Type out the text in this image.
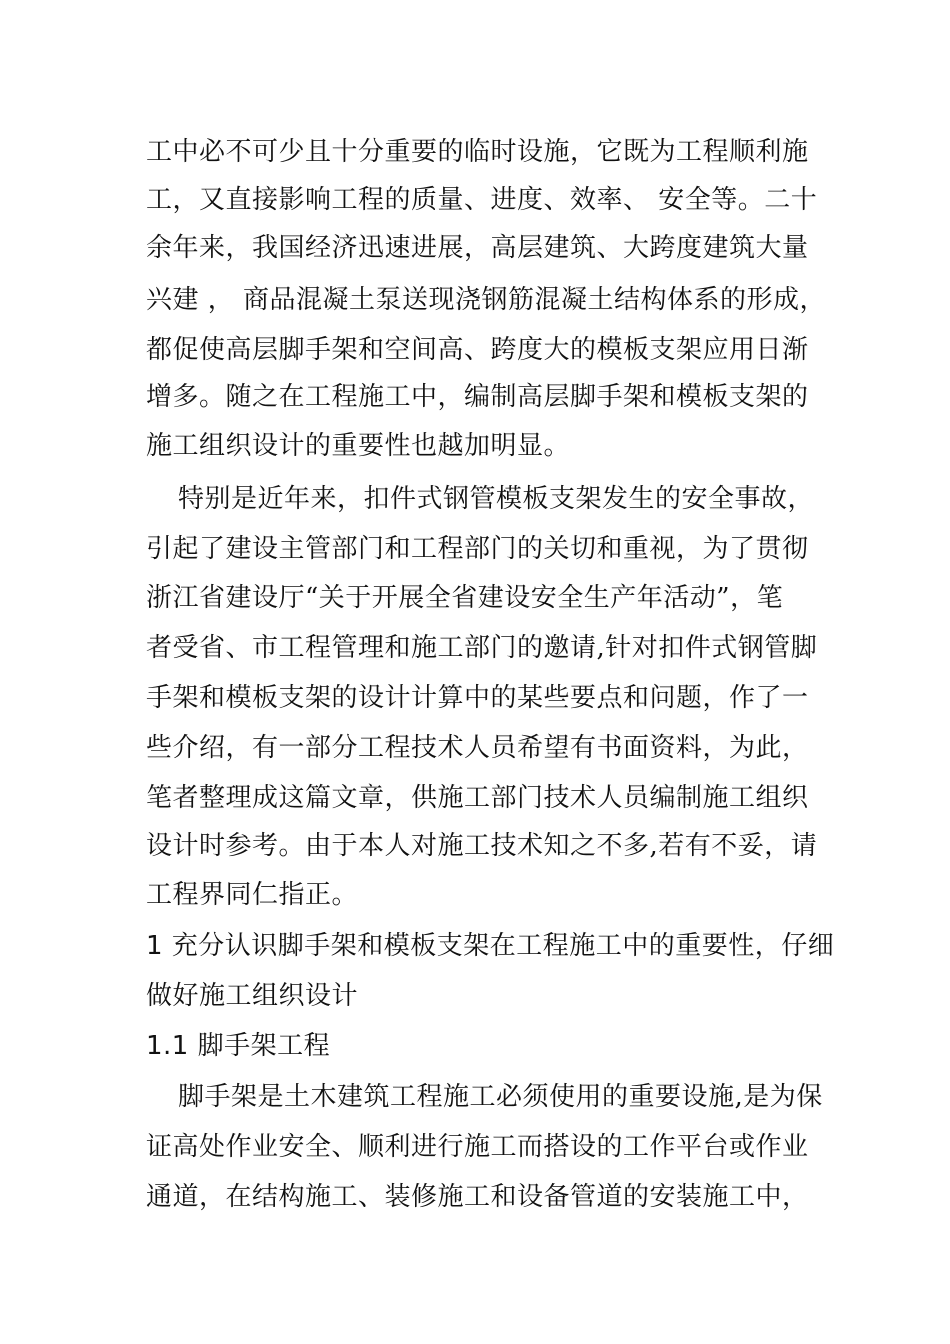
工中必不可少且十分重要的临时设施，它既为工程顺利施
工，又直接影响工程的质量、进度、效率、 安全等。二十
余年来，我国经济迅速进展，高层建筑、大跨度建筑大量
兴建 ， 商品混凝土泵送现浇钢筋混凝土结构体系的形成，
都促使高层脚手架和空间高、跨度大的模板支架应用日渐
增多。随之在工程施工中，编制高层脚手架和模板支架的
施工组织设计的重要性也越加明显。
特别是近年来，扣件式钢管模板支架发生的安全事故，
引起了建设主管部门和工程部门的关切和重视，为了贯彻
浙江省建设厅“关于开展全省建设安全生产年活动”，笔
者受省、市工程管理和施工部门的邀请,针对扣件式钢管脚
手架和模板支架的设计计算中的某些要点和问题，作了一
些介绍，有一部分工程技术人员希望有书面资料，为此，
笔者整理成这篇文章，供施工部门技术人员编制施工组织
设计时参考。由于本人对施工技术知之不多,若有不妥，请
工程界同仁指正。
1 充分认识脚手架和模板支架在工程施工中的重要性，仔细
做好施工组织设计
1.1 脚手架工程
脚手架是土木建筑工程施工必须使用的重要设施,是为保
证高处作业安全、顺利进行施工而搭设的工作平台或作业
通道，在结构施工、装修施工和设备管道的安装施工中，
